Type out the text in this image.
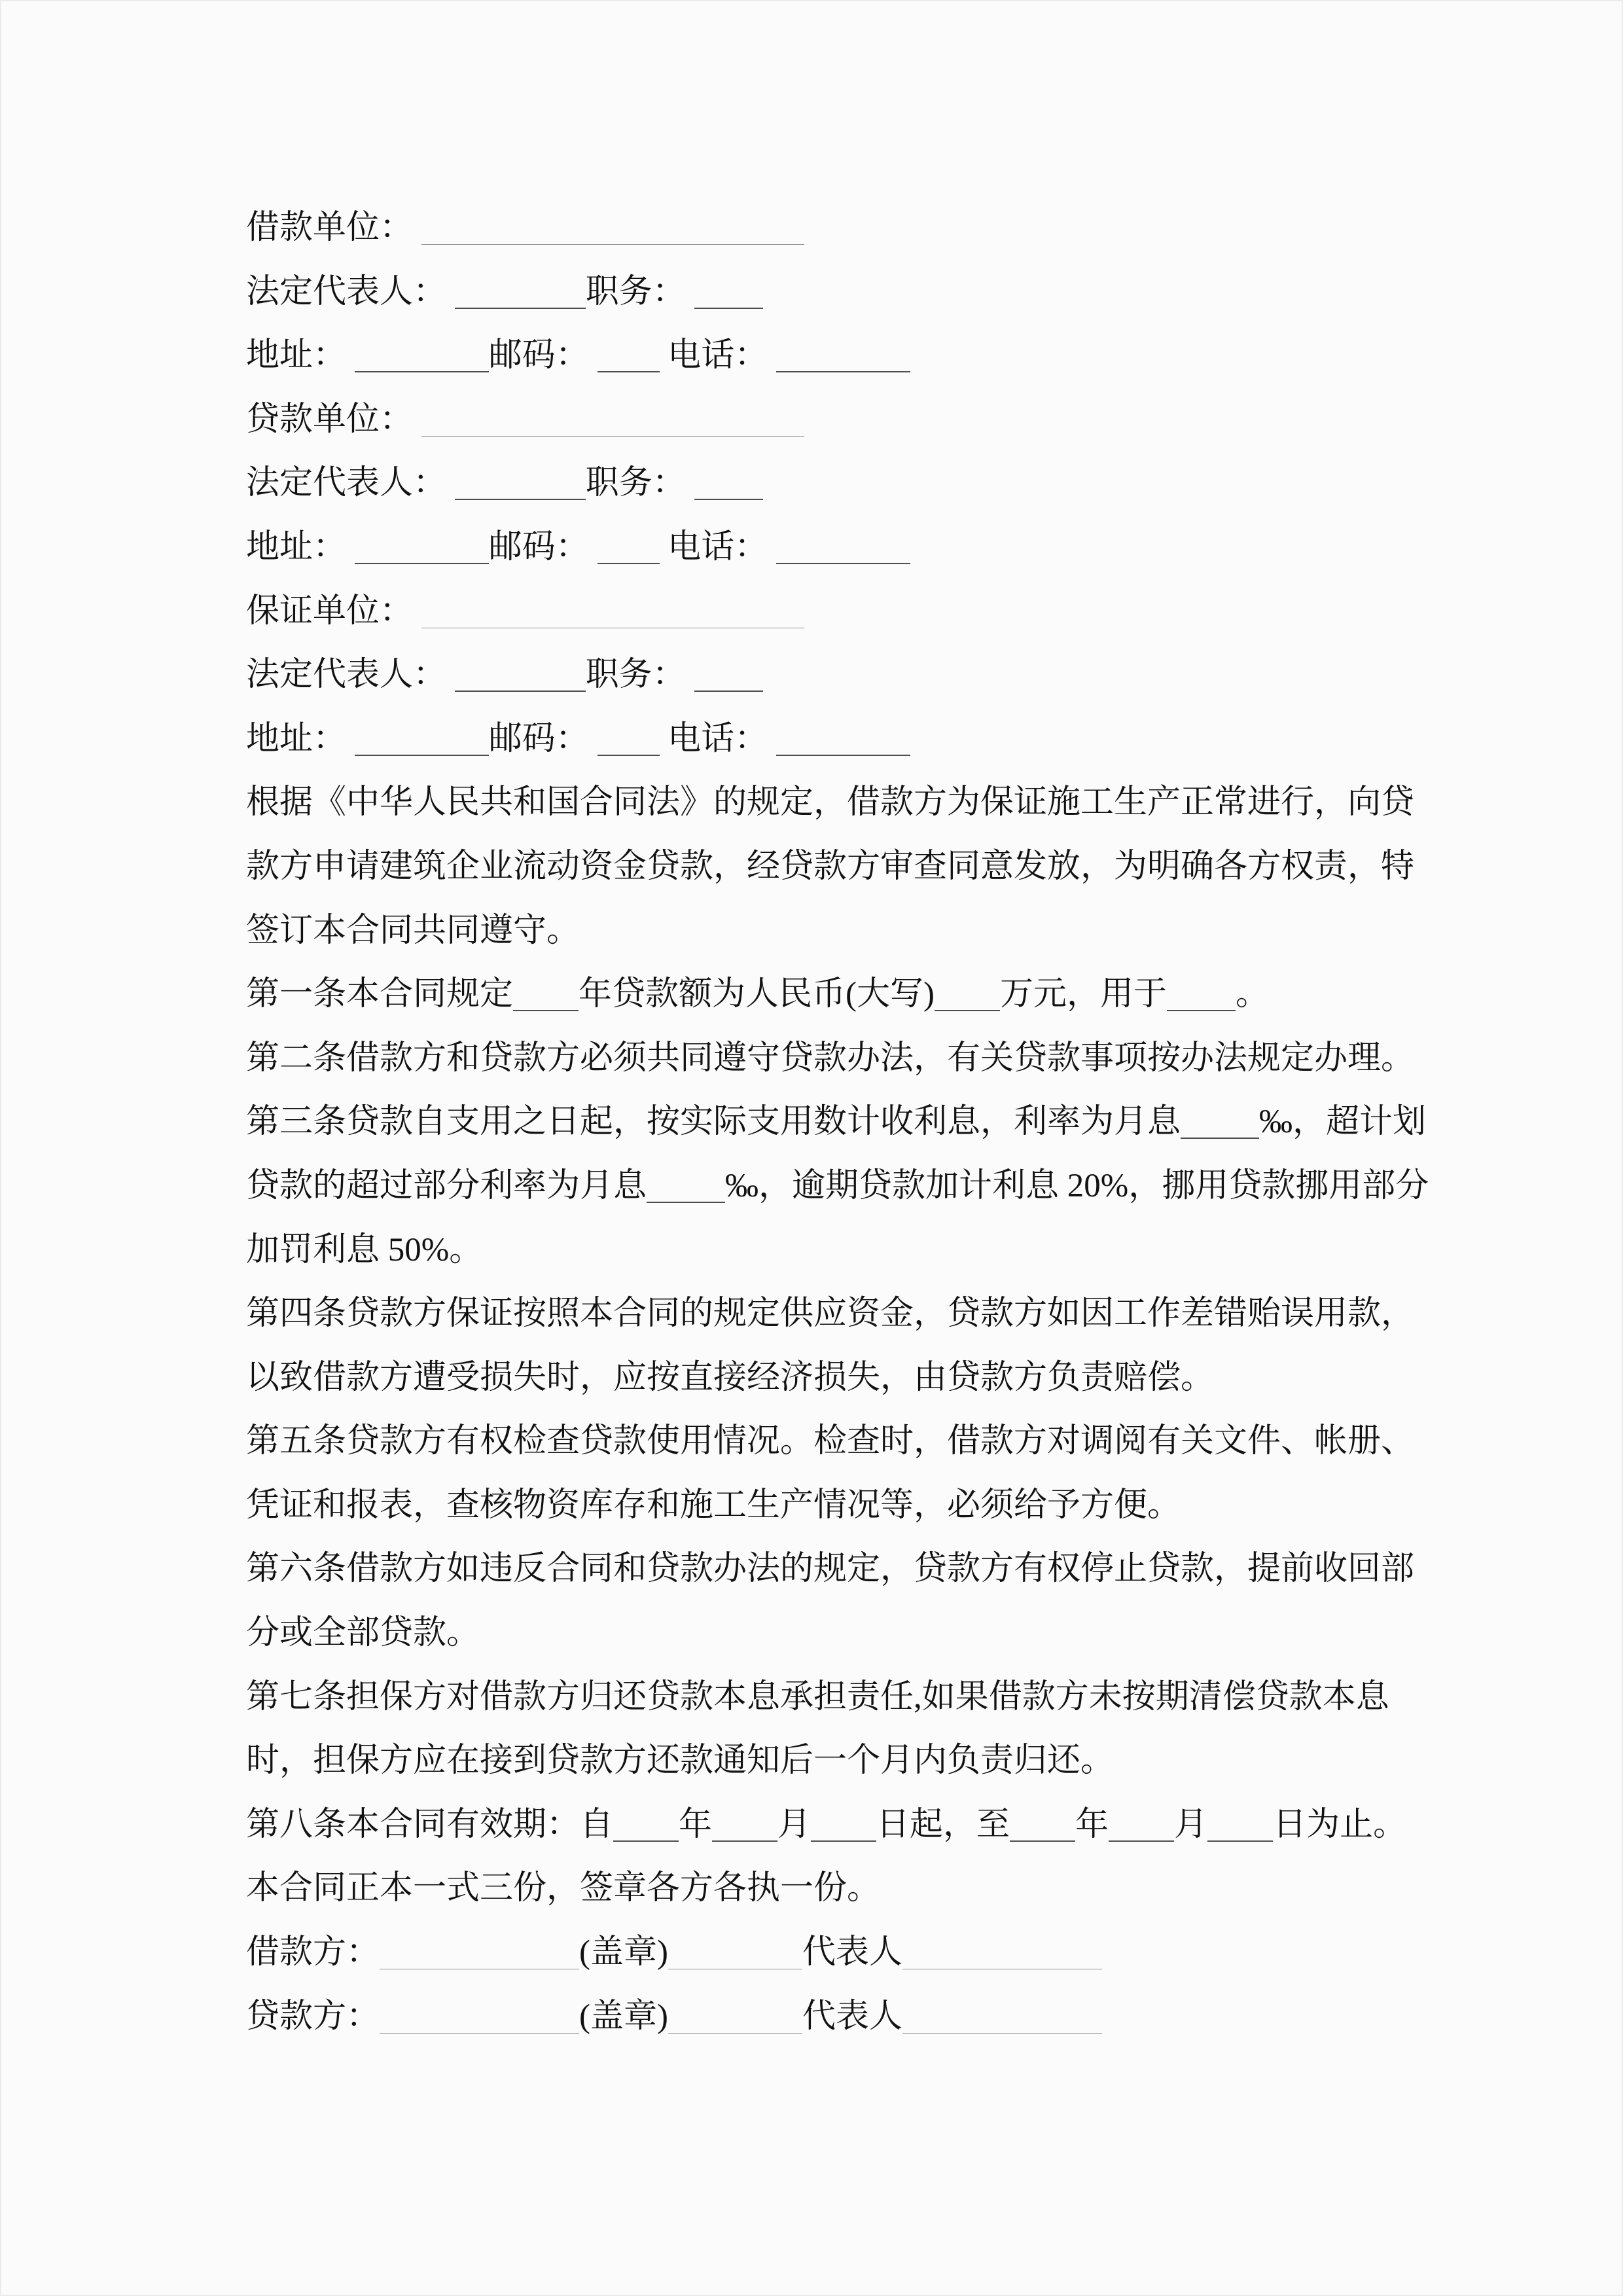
借款单位：
法定代表人：	职务：
地址：	邮码：  电话：
贷款单位：
法定代表人：	职务：
地址：	邮码：  电话：
保证单位：
法定代表人：	职务：
地址：	邮码：  电话：
根据《中华人民共和国合同法》的规定，借款方为保证施工生产正常进行，向贷
款方申请建筑企业流动资金贷款，经贷款方审查同意发放，为明确各方权责，特
签订本合同共同遵守。
第一条本合同规定 年贷款额为人民币(大写) 万元，用于 。
第二条借款方和贷款方必须共同遵守贷款办法，有关贷款事项按办法规定办理。
第三条贷款自支用之日起，按实际支用数计收利息，利率为月息 ‰，超计划
贷款的超过部分利率为月息 ‰，逾期贷款加计利息 20%，挪用贷款挪用部分
加罚利息 50%。
第四条贷款方保证按照本合同的规定供应资金，贷款方如因工作差错贻误用款，
以致借款方遭受损失时，应按直接经济损失，由贷款方负责赔偿。
第五条贷款方有权检查贷款使用情况。检查时，借款方对调阅有关文件、帐册、
凭证和报表，查核物资库存和施工生产情况等，必须给予方便。
第六条借款方如违反合同和贷款办法的规定，贷款方有权停止贷款，提前收回部
分或全部贷款。
第七条担保方对借款方归还贷款本息承担责任,如果借款方未按期清偿贷款本息
时，担保方应在接到贷款方还款通知后一个月内负责归还。
第八条本合同有效期：自 年 月 日起，至 年 月 日为止。
本合同正本一式三份，签章各方各执一份。
借款方：	(盖章)	代表人
贷款方：	(盖章)	代表人
